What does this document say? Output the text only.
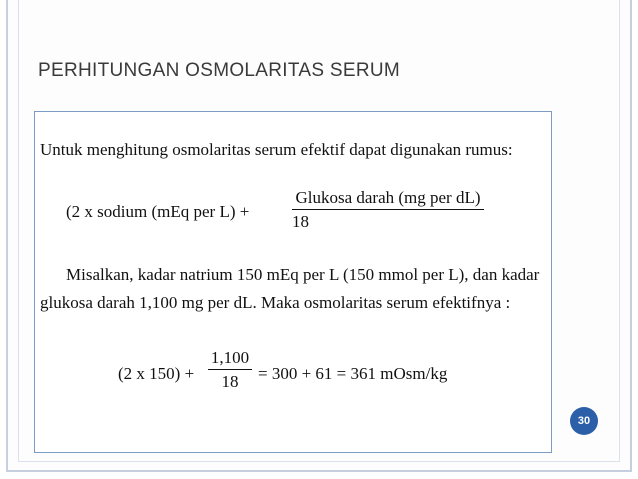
PERHITUNGAN OSMOLARITAS SERUM
Untuk menghitung osmolaritas serum efektif dapat digunakan rumus:
(2 x sodium (mEq per L) +
Glukosa darah (mg per dL)
18
Misalkan, kadar natrium 150 mEq per L (150 mmol per L), dan kadar
glukosa darah 1,100 mg per dL. Maka osmolaritas serum efektifnya :
(2 x $150) + \frac{1,100}{18} = 300 + 61 = 361$ mOsm/kg
30
